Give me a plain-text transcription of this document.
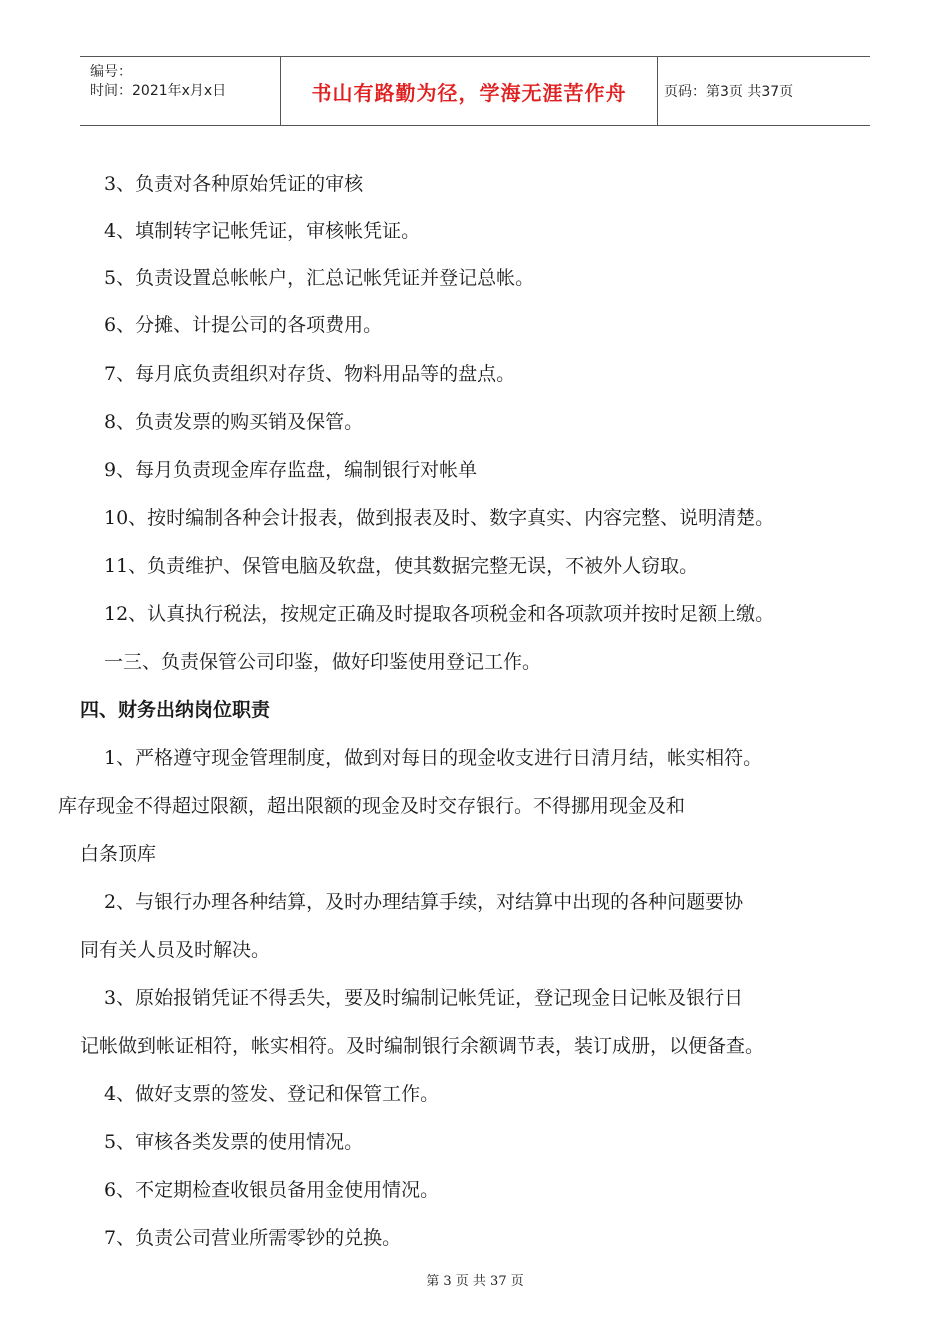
编号：
时间：2021年x月x日	书山有路勤为径，学海无涯苦作舟	页码：第3页 共37页
3、负责对各种原始凭证的审核
4、填制转字记帐凭证，审核帐凭证。
5、负责设置总帐帐户，汇总记帐凭证并登记总帐。
6、分摊、计提公司的各项费用。
7、每月底负责组织对存货、物料用品等的盘点。
8、负责发票的购买销及保管。
9、每月负责现金库存监盘，编制银行对帐单
10、按时编制各种会计报表，做到报表及时、数字真实、内容完整、说明清楚。
11、负责维护、保管电脑及软盘，使其数据完整无误，不被外人窃取。
12、认真执行税法，按规定正确及时提取各项税金和各项款项并按时足额上缴。
一三、负责保管公司印鉴，做好印鉴使用登记工作。
四、财务出纳岗位职责
1、严格遵守现金管理制度，做到对每日的现金收支进行日清月结，帐实相符。
库存现金不得超过限额，超出限额的现金及时交存银行。不得挪用现金及和
白条顶库
2、与银行办理各种结算，及时办理结算手续，对结算中出现的各种问题要协
同有关人员及时解决。
3、原始报销凭证不得丢失，要及时编制记帐凭证，登记现金日记帐及银行日
记帐做到帐证相符，帐实相符。及时编制银行余额调节表，装订成册，以便备查。
4、做好支票的签发、登记和保管工作。
5、审核各类发票的使用情况。
6、不定期检查收银员备用金使用情况。
7、负责公司营业所需零钞的兑换。
第 3 页 共 37 页
